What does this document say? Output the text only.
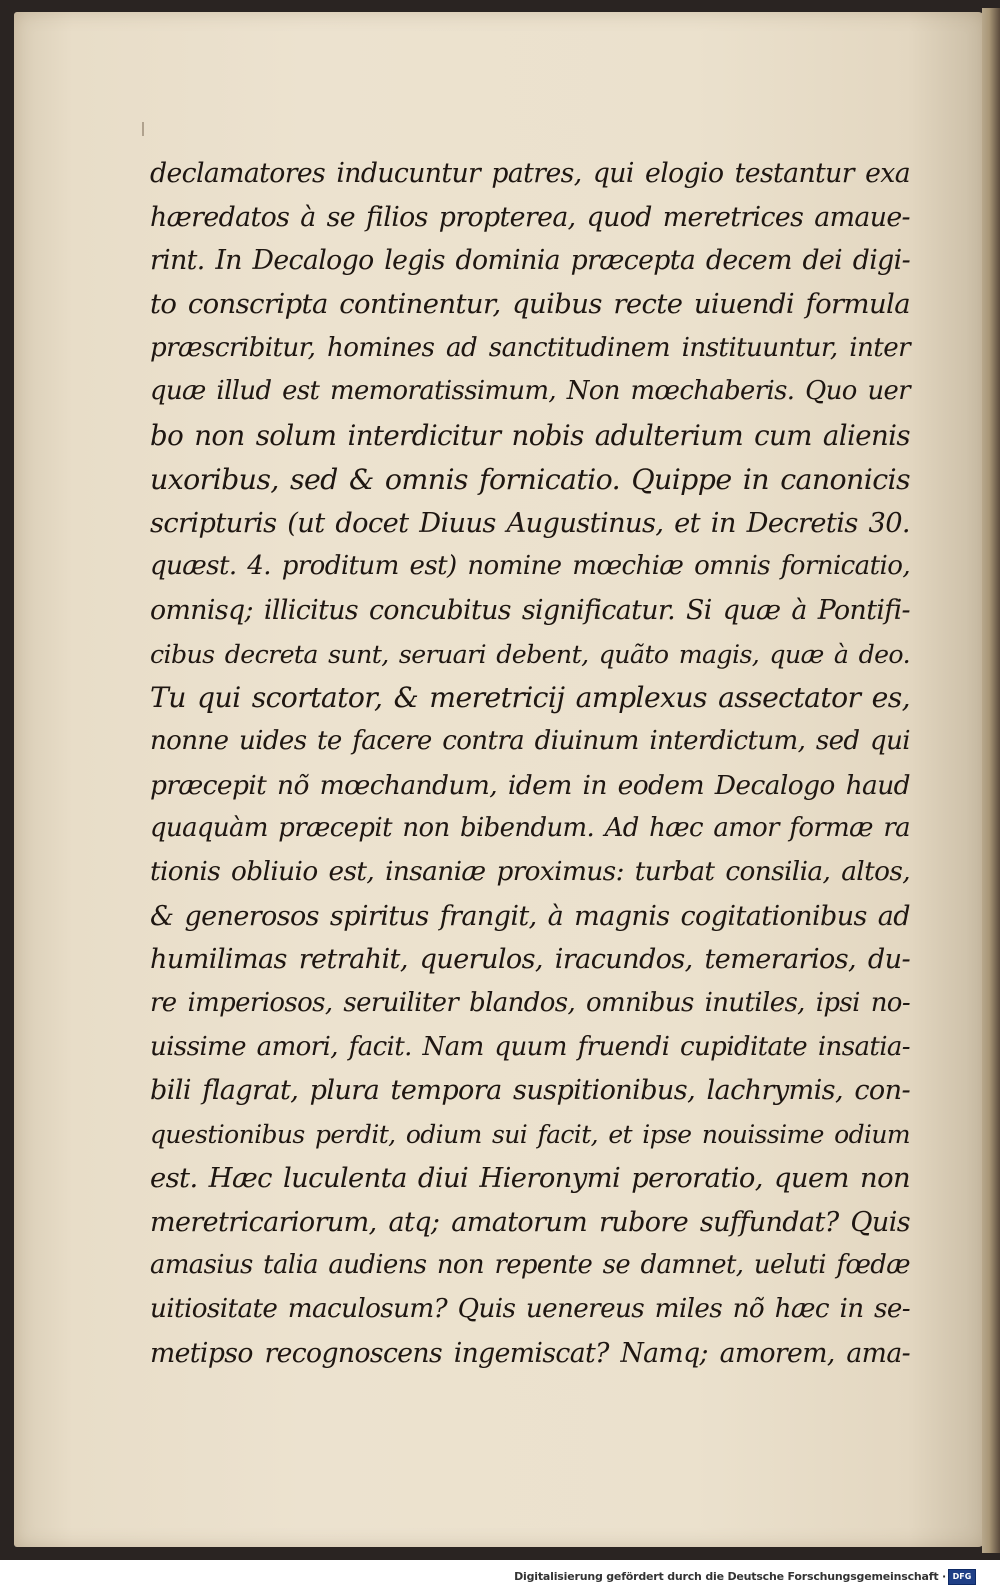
declamatores inducuntur patres, qui elogio testantur exa
hæredatos à se filios propterea, quod meretrices amaue-
rint. In Decalogo legis dominia præcepta decem dei digi-
to conscripta continentur, quibus recte uiuendi formula
præscribitur, homines ad sanctitudinem instituuntur, inter
quæ illud est memoratissimum, Non mœchaberis. Quo uer
bo non solum interdicitur nobis adulterium cum alienis
uxoribus, sed & omnis fornicatio. Quippe in canonicis
scripturis (ut docet Diuus Augustinus, et in Decretis 30.
quæst. 4. proditum est) nomine mœchiæ omnis fornicatio,
omnisq; illicitus concubitus significatur. Si quæ à Pontifi-
cibus decreta sunt, seruari debent, quãto magis, quæ à deo.
Tu qui scortator, & meretricij amplexus assectator es,
nonne uides te facere contra diuinum interdictum, sed qui
præcepit nõ mœchandum, idem in eodem Decalogo haud
quaquàm præcepit non bibendum. Ad hæc amor formæ ra
tionis obliuio est, insaniæ proximus: turbat consilia, altos,
& generosos spiritus frangit, à magnis cogitationibus ad
humilimas retrahit, querulos, iracundos, temerarios, du-
re imperiosos, seruiliter blandos, omnibus inutiles, ipsi no-
uissime amori, facit. Nam quum fruendi cupiditate insatia-
bili flagrat, plura tempora suspitionibus, lachrymis, con-
questionibus perdit, odium sui facit, et ipse nouissime odium
est. Hæc luculenta diui Hieronymi peroratio, quem non
meretricariorum, atq; amatorum rubore suffundat? Quis
amasius talia audiens non repente se damnet, ueluti fœdæ
uitiositate maculosum? Quis uenereus miles nõ hæc in se-
metipso recognoscens ingemiscat? Namq; amorem, ama-
Digitalisierung gefördert durch die Deutsche Forschungsgemeinschaft · DFG
